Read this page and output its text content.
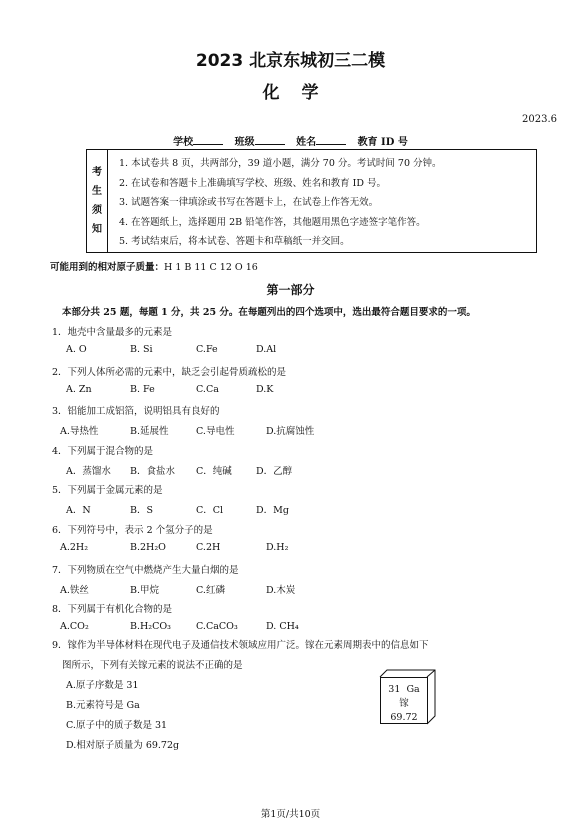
2023 北京东城初三二模
化学
2023.6
学校	班级	姓名	教育 ID 号
考
生
须
知
1. 本试卷共 8 页，共两部分，39 道小题，满分 70 分。考试时间 70 分钟。
2. 在试卷和答题卡上准确填写学校、班级、姓名和教育 ID 号。
3. 试题答案一律填涂或书写在答题卡上，在试卷上作答无效。
4. 在答题纸上，选择题用 2B 铅笔作答，其他题用黑色字迹签字笔作答。
5. 考试结束后，将本试卷、答题卡和草稿纸一并交回。
可能用到的相对原子质量：H 1 B 11 C 12 O 16
第一部分
本部分共 25 题，每题 1 分，共 25 分。在每题列出的四个选项中，选出最符合题目要求的一项。
1．地壳中含量最多的元素是
A. O	B. Si	C.Fe	D.Al
2．下列人体所必需的元素中，缺乏会引起骨质疏松的是
A. Zn	B. Fe	C.Ca	D.K
3．铝能加工成铝箔，说明铝具有良好的
A.导热性	B.延展性	C.导电性	D.抗腐蚀性
4．下列属于混合物的是
A．蒸馏水 B．食盐水 C．纯碱	D．乙醇
5．下列属于金属元素的是
A．N	B．S	C．Cl	D．Mg
6．下列符号中，表示 2 个氢分子的是
A.2H₂	B.2H₂O	C.2H	D.H₂
7．下列物质在空气中燃烧产生大量白烟的是
A.铁丝	B.甲烷	C.红磷	D.木炭
8．下列属于有机化合物的是
A.CO₂	B.H₂CO₃	C.CaCO₃	D. CH₄
9．镓作为半导体材料在现代电子及通信技术领域应用广泛。镓在元素周期表中的信息如下
图所示，下列有关镓元素的说法不正确的是
A.原子序数是 31
B.元素符号是 Ga
C.原子中的质子数是 31
D.相对原子质量为 69.72g
31 Ga
镓
69.72
第1页/共10页
